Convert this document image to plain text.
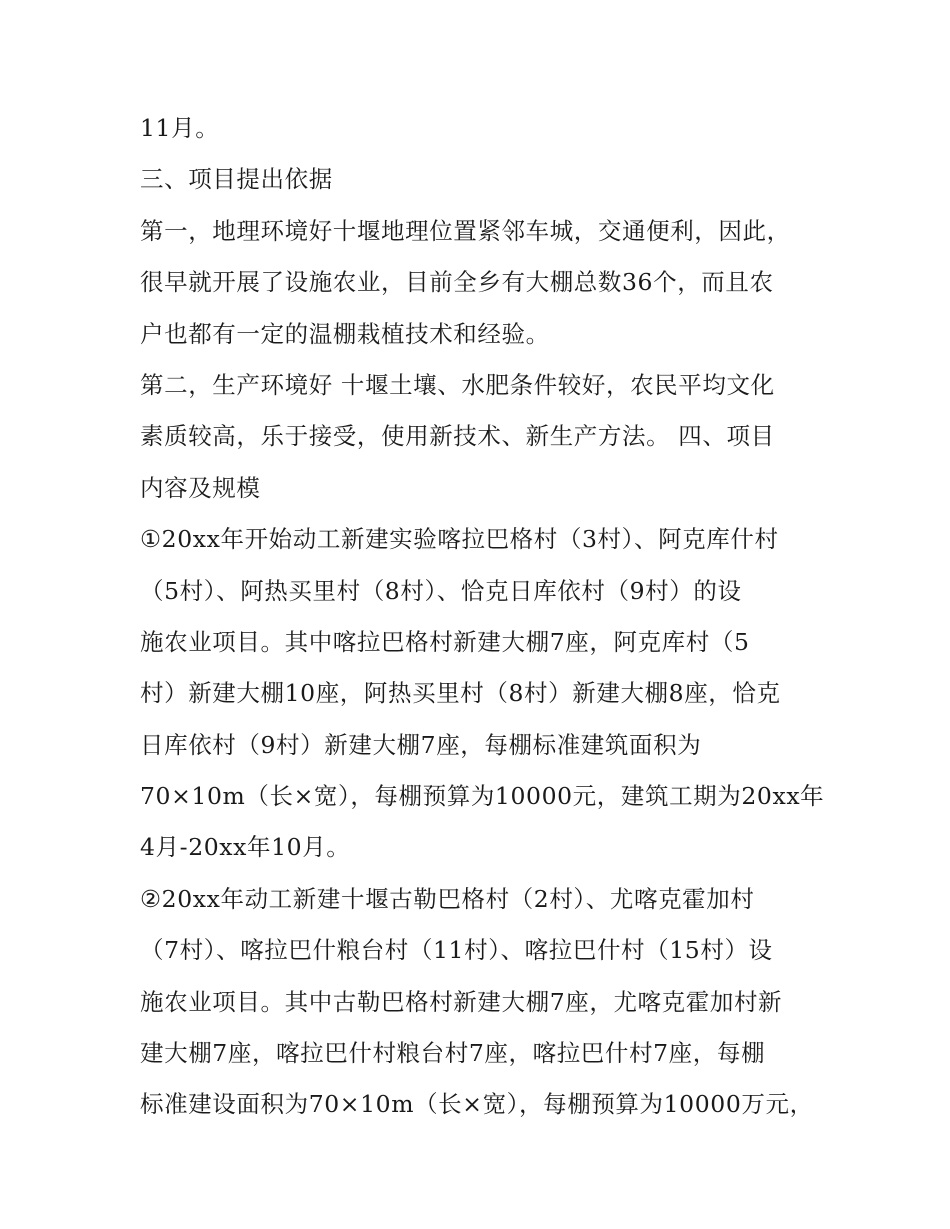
11月。
三、项目提出依据
第一，地理环境好十堰地理位置紧邻车城，交通便利，因此，
很早就开展了设施农业，目前全乡有大棚总数36个，而且农
户也都有一定的温棚栽植技术和经验。
第二，生产环境好 十堰土壤、水肥条件较好，农民平均文化
素质较高，乐于接受，使用新技术、新生产方法。 四、项目
内容及规模
①20xx年开始动工新建实验喀拉巴格村（3村）、阿克库什村
（5村）、阿热买里村（8村）、恰克日库依村（9村）的设
施农业项目。其中喀拉巴格村新建大棚7座，阿克库村（5
村）新建大棚10座，阿热买里村（8村）新建大棚8座，恰克
日库依村（9村）新建大棚7座，每棚标准建筑面积为
70×10m（长×宽），每棚预算为10000元，建筑工期为20xx年
4月-20xx年10月。
②20xx年动工新建十堰古勒巴格村（2村）、尤喀克霍加村
（7村）、喀拉巴什粮台村（11村）、喀拉巴什村（15村）设
施农业项目。其中古勒巴格村新建大棚7座，尤喀克霍加村新
建大棚7座，喀拉巴什村粮台村7座，喀拉巴什村7座，每棚
标准建设面积为70×10m（长×宽），每棚预算为10000万元，
